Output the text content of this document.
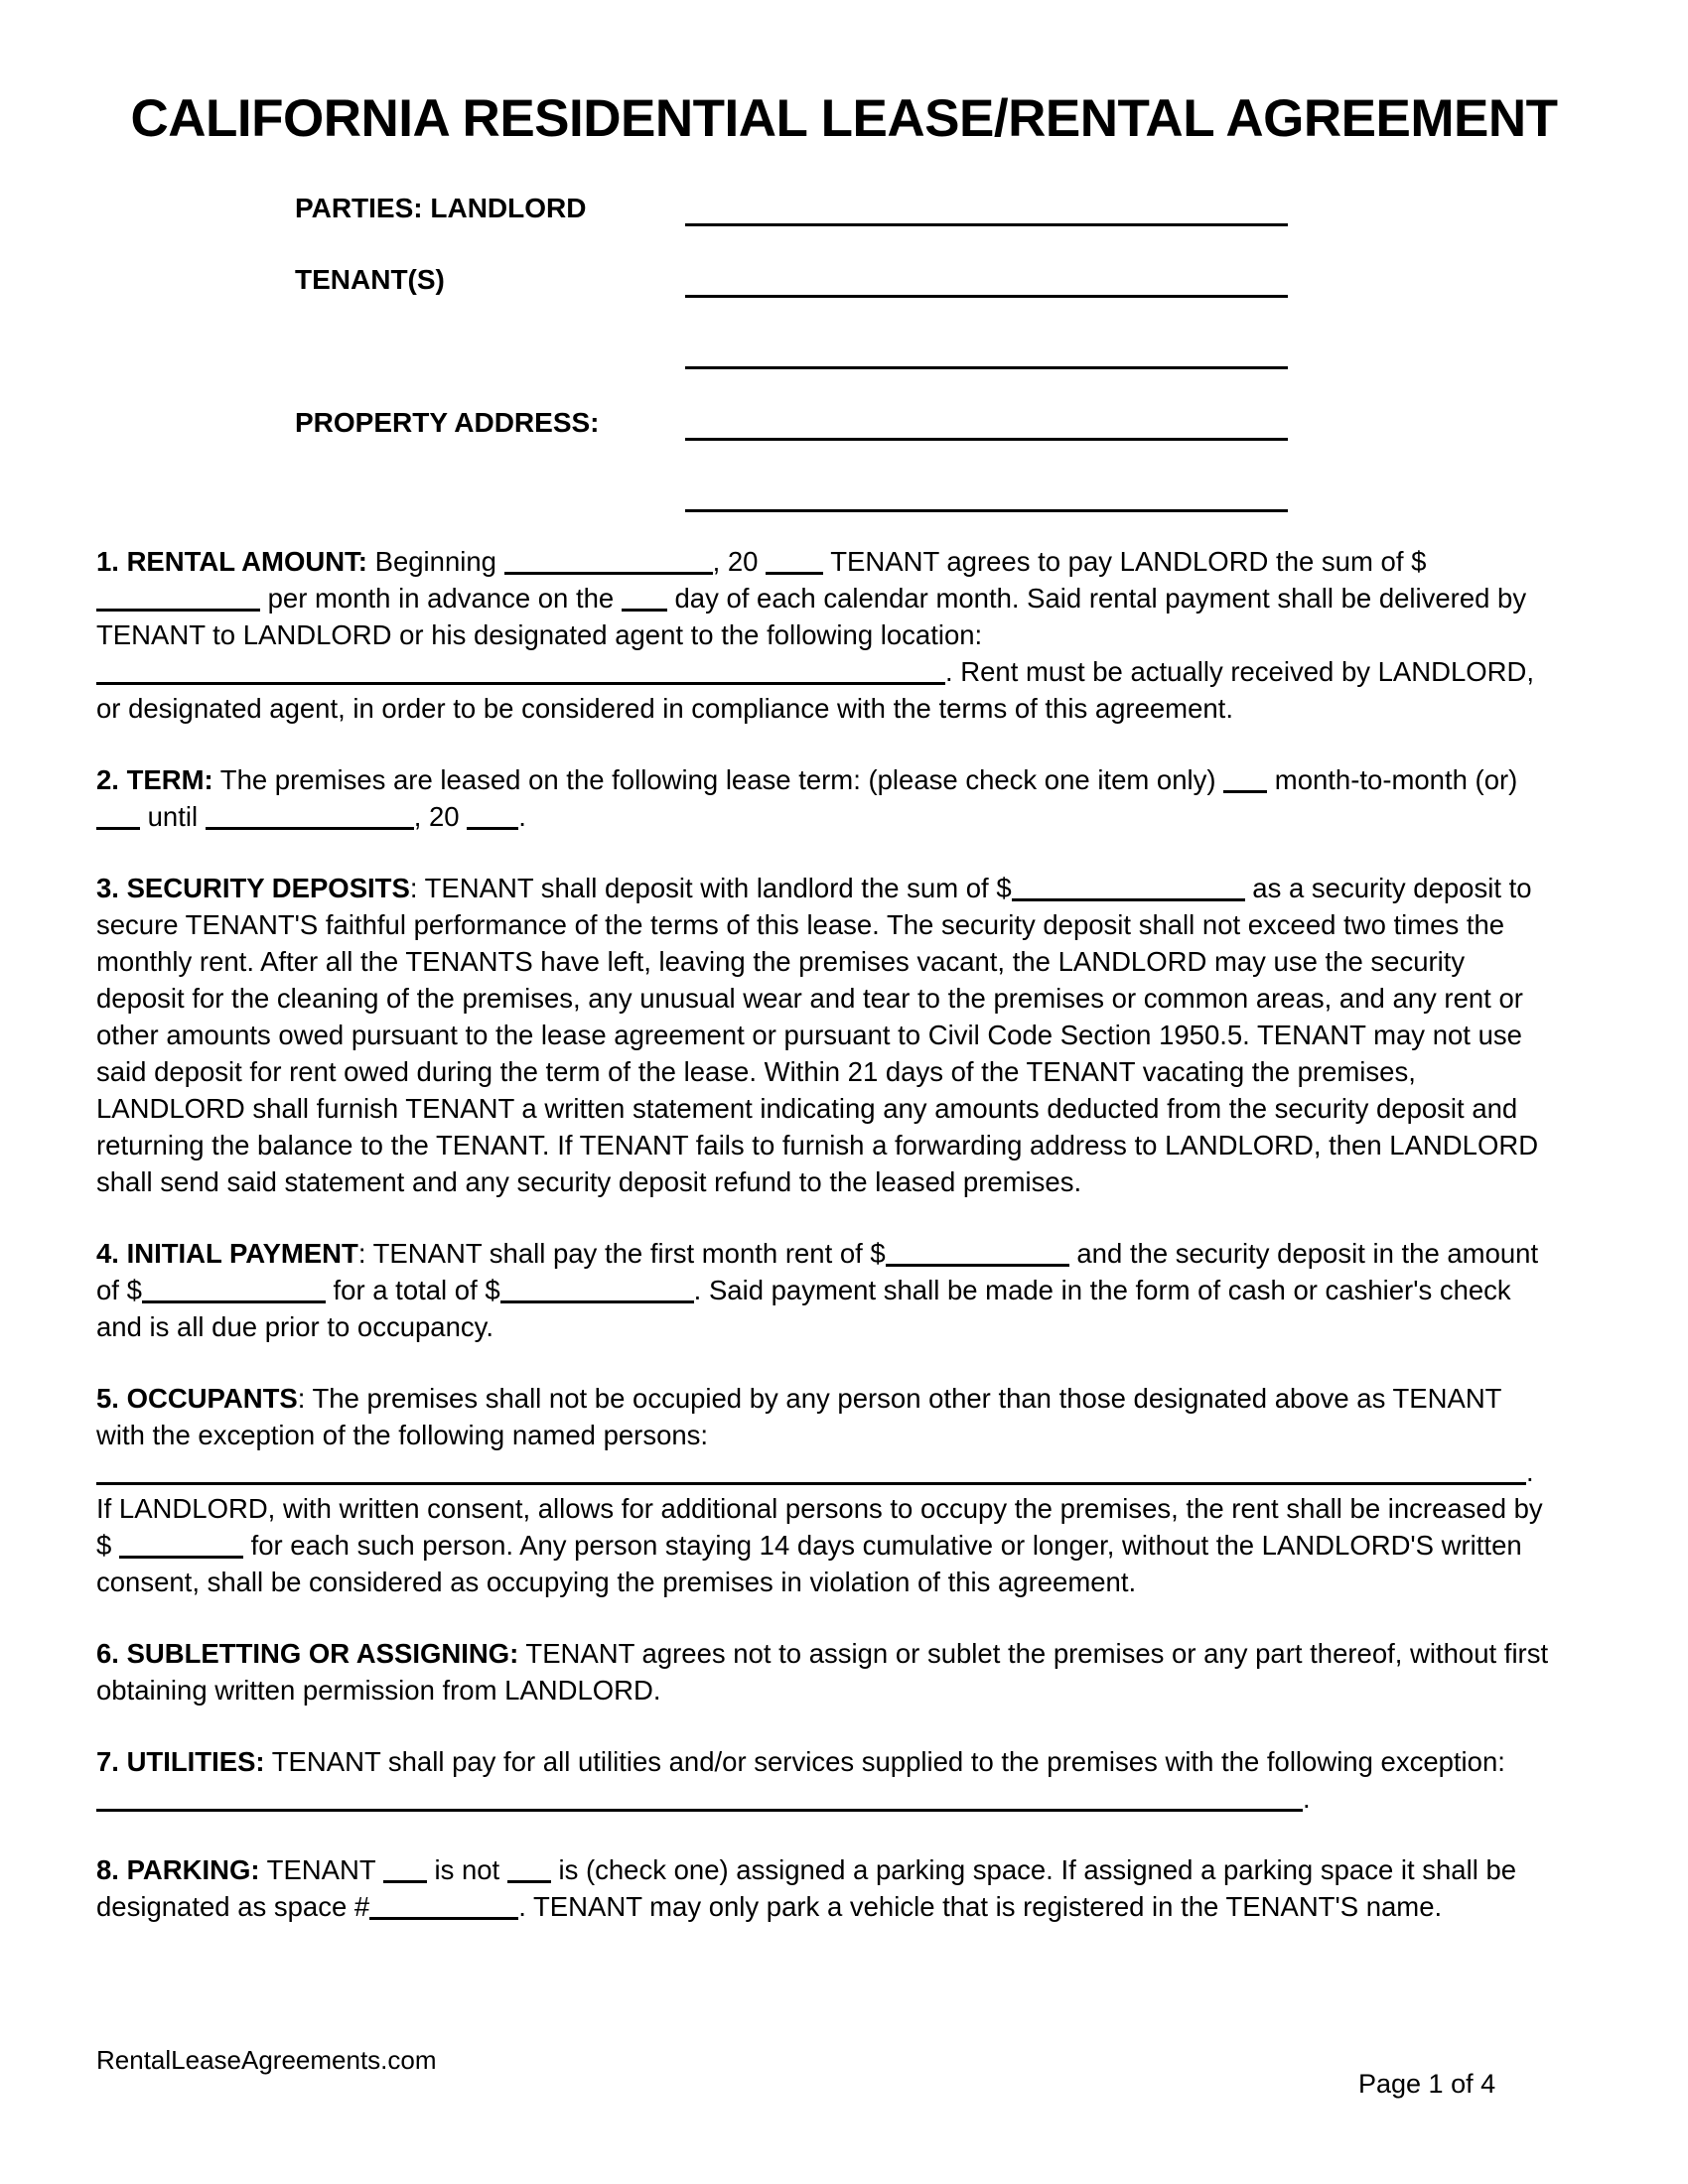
CALIFORNIA RESIDENTIAL LEASE/RENTAL AGREEMENT
PARTIES: LANDLORD
TENANT(S)
PROPERTY ADDRESS:

1. RENTAL AMOUNT: Beginning	, 20  TENANT agrees to pay LANDLORD the sum of $ per month in advance on the  day of each calendar month. Said rental payment shall be delivered by TENANT to LANDLORD or his designated agent to the following location: . Rent must be actually received by LANDLORD, or designated agent, in order to be considered in compliance with the terms of this agreement.

2. TERM: The premises are leased on the following lease term: (please check one item only)  month-to-month (or)  until	, 20 .

3. SECURITY DEPOSITS: TENANT shall deposit with landlord the sum of $	as a security deposit to secure TENANT'S faithful performance of the terms of this lease. The security deposit shall not exceed two times the monthly rent. After all the TENANTS have left, leaving the premises vacant, the LANDLORD may use the security deposit for the cleaning of the premises, any unusual wear and tear to the premises or common areas, and any rent or other amounts owed pursuant to the lease agreement or pursuant to Civil Code Section 1950.5. TENANT may not use said deposit for rent owed during the term of the lease. Within 21 days of the TENANT vacating the premises, LANDLORD shall furnish TENANT a written statement indicating any amounts deducted from the security deposit and returning the balance to the TENANT. If TENANT fails to furnish a forwarding address to LANDLORD, then LANDLORD shall send said statement and any security deposit refund to the leased premises.

4. INITIAL PAYMENT: TENANT shall pay the first month rent of $	and the security deposit in the amount of $	for a total of $	. Said payment shall be made in the form of cash or cashier's check and is all due prior to occupancy.

5. OCCUPANTS: The premises shall not be occupied by any person other than those designated above as TENANT with the exception of the following named persons:. If LANDLORD, with written consent, allows for additional persons to occupy the premises, the rent shall be increased by $	for each such person. Any person staying 14 days cumulative or longer, without the LANDLORD'S written consent, shall be considered as occupying the premises in violation of this agreement.

6. SUBLETTING OR ASSIGNING: TENANT agrees not to assign or sublet the premises or any part thereof, without first obtaining written permission from LANDLORD.

7. UTILITIES: TENANT shall pay for all utilities and/or services supplied to the premises with the following exception: .

8. PARKING: TENANT  is not  is (check one) assigned a parking space. If assigned a parking space it shall be designated as space #	. TENANT may only park a vehicle that is registered in the TENANT'S name.

RentalLeaseAgreements.com
Page 1 of 4
